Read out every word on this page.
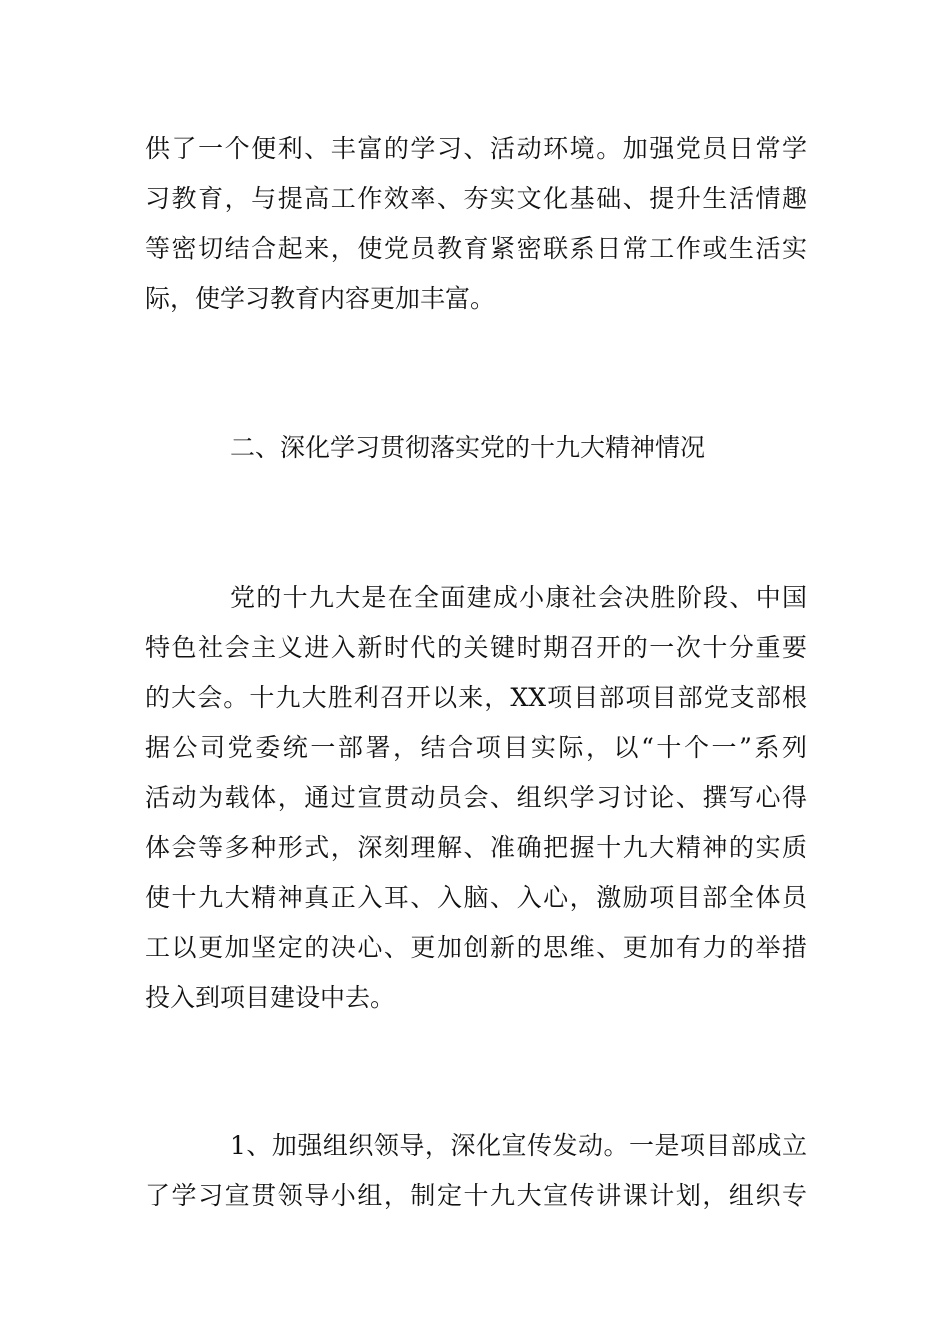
供了一个便利、丰富的学习、活动环境。加强党员日常学
习教育，与提高工作效率、夯实文化基础、提升生活情趣
等密切结合起来，使党员教育紧密联系日常工作或生活实
际，使学习教育内容更加丰富。
二、深化学习贯彻落实党的十九大精神情况
党的十九大是在全面建成小康社会决胜阶段、中国
特色社会主义进入新时代的关键时期召开的一次十分重要
的大会。十九大胜利召开以来，XX项目部项目部党支部根
据公司党委统一部署，结合项目实际，以“十个一”系列
活动为载体，通过宣贯动员会、组织学习讨论、撰写心得
体会等多种形式，深刻理解、准确把握十九大精神的实质
使十九大精神真正入耳、入脑、入心，激励项目部全体员
工以更加坚定的决心、更加创新的思维、更加有力的举措
投入到项目建设中去。
1、加强组织领导，深化宣传发动。一是项目部成立
了学习宣贯领导小组，制定十九大宣传讲课计划，组织专
